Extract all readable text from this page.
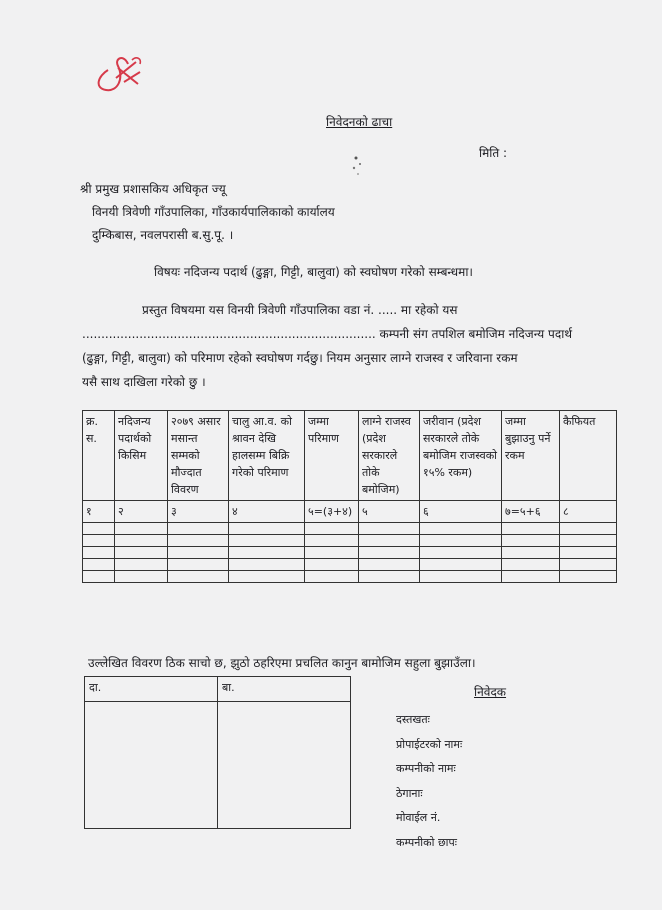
निवेदनको ढाचा
मिति :
श्री प्रमुख प्रशासकिय अधिकृत ज्यू
विनयी त्रिवेणी गाँउपालिका, गाँउकार्यपालिकाको कार्यालय
दुम्किबास, नवलपरासी ब.सु.पू. ।
विषयः नदिजन्य पदार्थ (ढुङ्गा, गिट्टी, बालुवा) को स्वघोषण गरेको सम्बन्धमा।
प्रस्तुत विषयमा यस विनयी त्रिवेणी गाँउपालिका वडा नं. ..... मा रहेको यस
............................................................................. कम्पनी संग तपशिल बमोजिम नदिजन्य पदार्थ
(ढुङ्गा, गिट्टी, बालुवा) को परिमाण रहेको स्वघोषण गर्दछु। नियम अनुसार लाग्ने राजस्व र जरिवाना रकम
यसै साथ दाखिला गरेको छु ।
क्र. स.	नदिजन्य पदार्थको किसिम	२०७९ असार मसान्त सम्मको मौज्दात विवरण	चालु आ.व. को श्रावन देखि हालसम्म बिक्रि गरेको परिमाण	जम्मा परिमाण	लाग्ने राजस्व (प्रदेश सरकारले तोके बमोजिम)	जरीवान (प्रदेश सरकारले तोके बमोजिम राजस्वको १५% रकम)	जम्मा बुझाउनु पर्ने रकम	कैफियत
१	२	३	४	५=(३+४)	५	६	७=५+६	८

उल्लेखित विवरण ठिक साचो छ, झुठो ठहरिएमा प्रचलित कानुन बामोजिम सहुला बुझाउँला।
दा.	बा.
		निवेदक
दस्तखतः
प्रोपाईटरको नामः
कम्पनीको नामः
ठेगानाः
मोवाईल नं.
कम्पनीको छापः
